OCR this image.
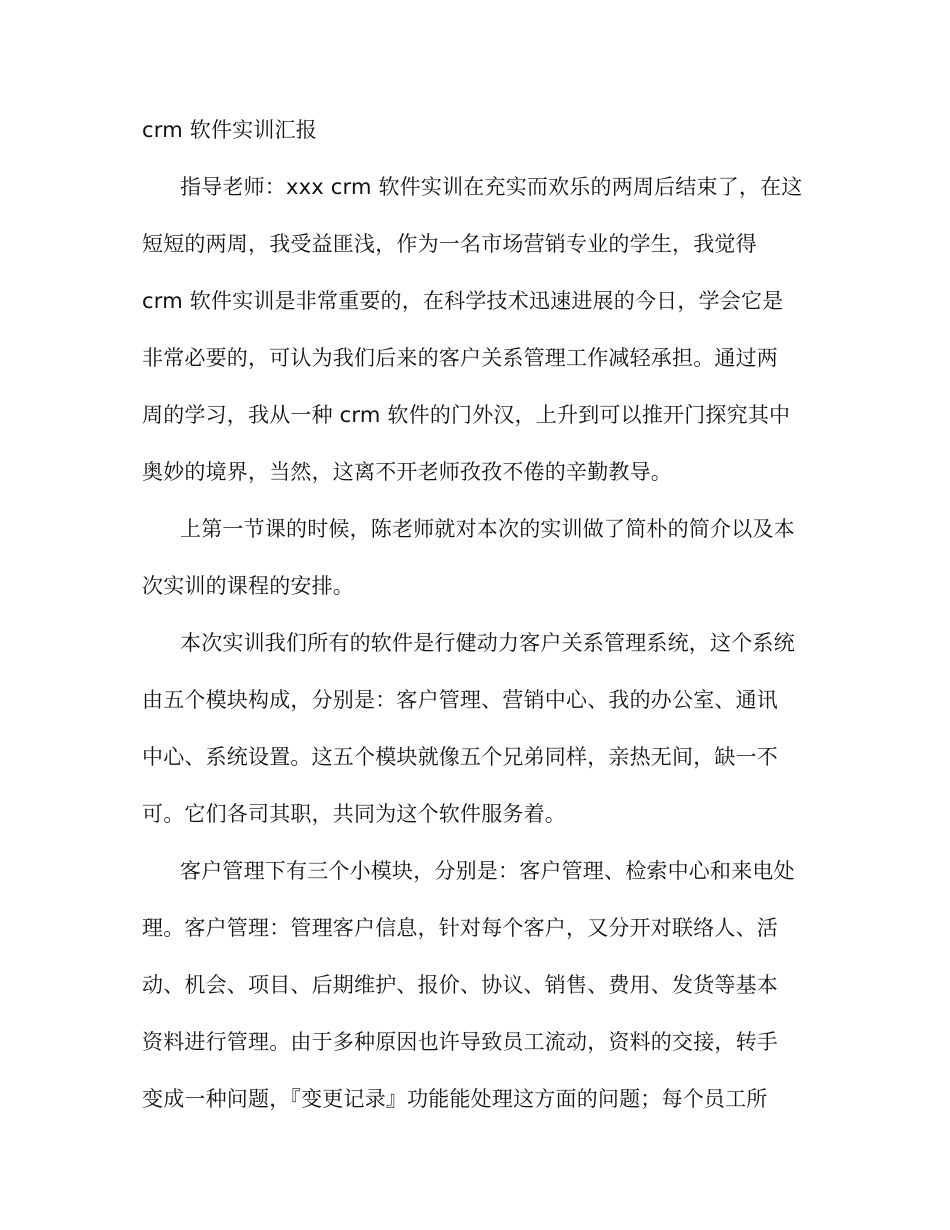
crm 软件实训汇报
指导老师：xxx crm 软件实训在充实而欢乐的两周后结束了，在这
短短的两周，我受益匪浅，作为一名市场营销专业的学生，我觉得
crm 软件实训是非常重要的，在科学技术迅速进展的今日，学会它是
非常必要的，可认为我们后来的客户关系管理工作减轻承担。通过两
周的学习，我从一种 crm 软件的门外汉，上升到可以推开门探究其中
奥妙的境界，当然，这离不开老师孜孜不倦的辛勤教导。
上第一节课的时候，陈老师就对本次的实训做了简朴的简介以及本
次实训的课程的安排。
本次实训我们所有的软件是行健动力客户关系管理系统，这个系统
由五个模块构成，分别是：客户管理、营销中心、我的办公室、通讯
中心、系统设置。这五个模块就像五个兄弟同样，亲热无间，缺一不
可。它们各司其职，共同为这个软件服务着。
客户管理下有三个小模块，分别是：客户管理、检索中心和来电处
理。客户管理：管理客户信息，针对每个客户，又分开对联络人、活
动、机会、项目、后期维护、报价、协议、销售、费用、发货等基本
资料进行管理。由于多种原因也许导致员工流动，资料的交接，转手
变成一种问题，『变更记录』功能能处理这方面的问题；每个员工所
